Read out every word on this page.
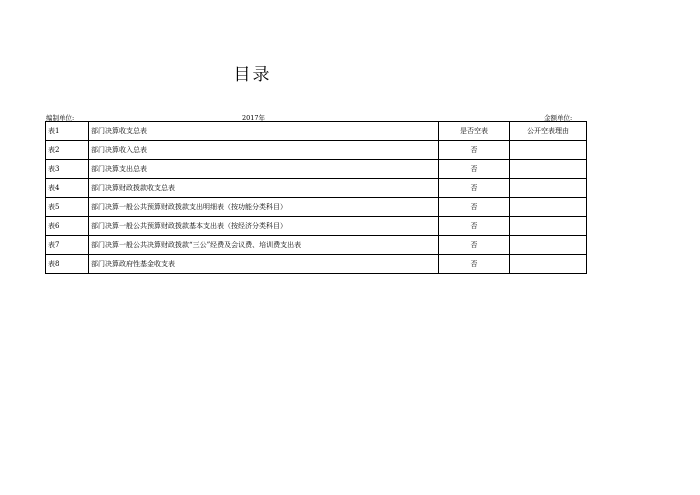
目录
编制单位:	2017年	金额单位:
表1	部门决算收支总表	是否空表	公开空表理由
表2	部门决算收入总表	否	
表3	部门决算支出总表	否	
表4	部门决算财政拨款收支总表	否	
表5	部门决算一般公共预算财政拨款支出明细表（按功能分类科目）	否	
表6	部门决算一般公共预算财政拨款基本支出表（按经济分类科目）	否	
表7	部门决算一般公共决算财政拨款“三公”经费及会议费、培训费支出表	否	
表8	部门决算政府性基金收支表	否	
